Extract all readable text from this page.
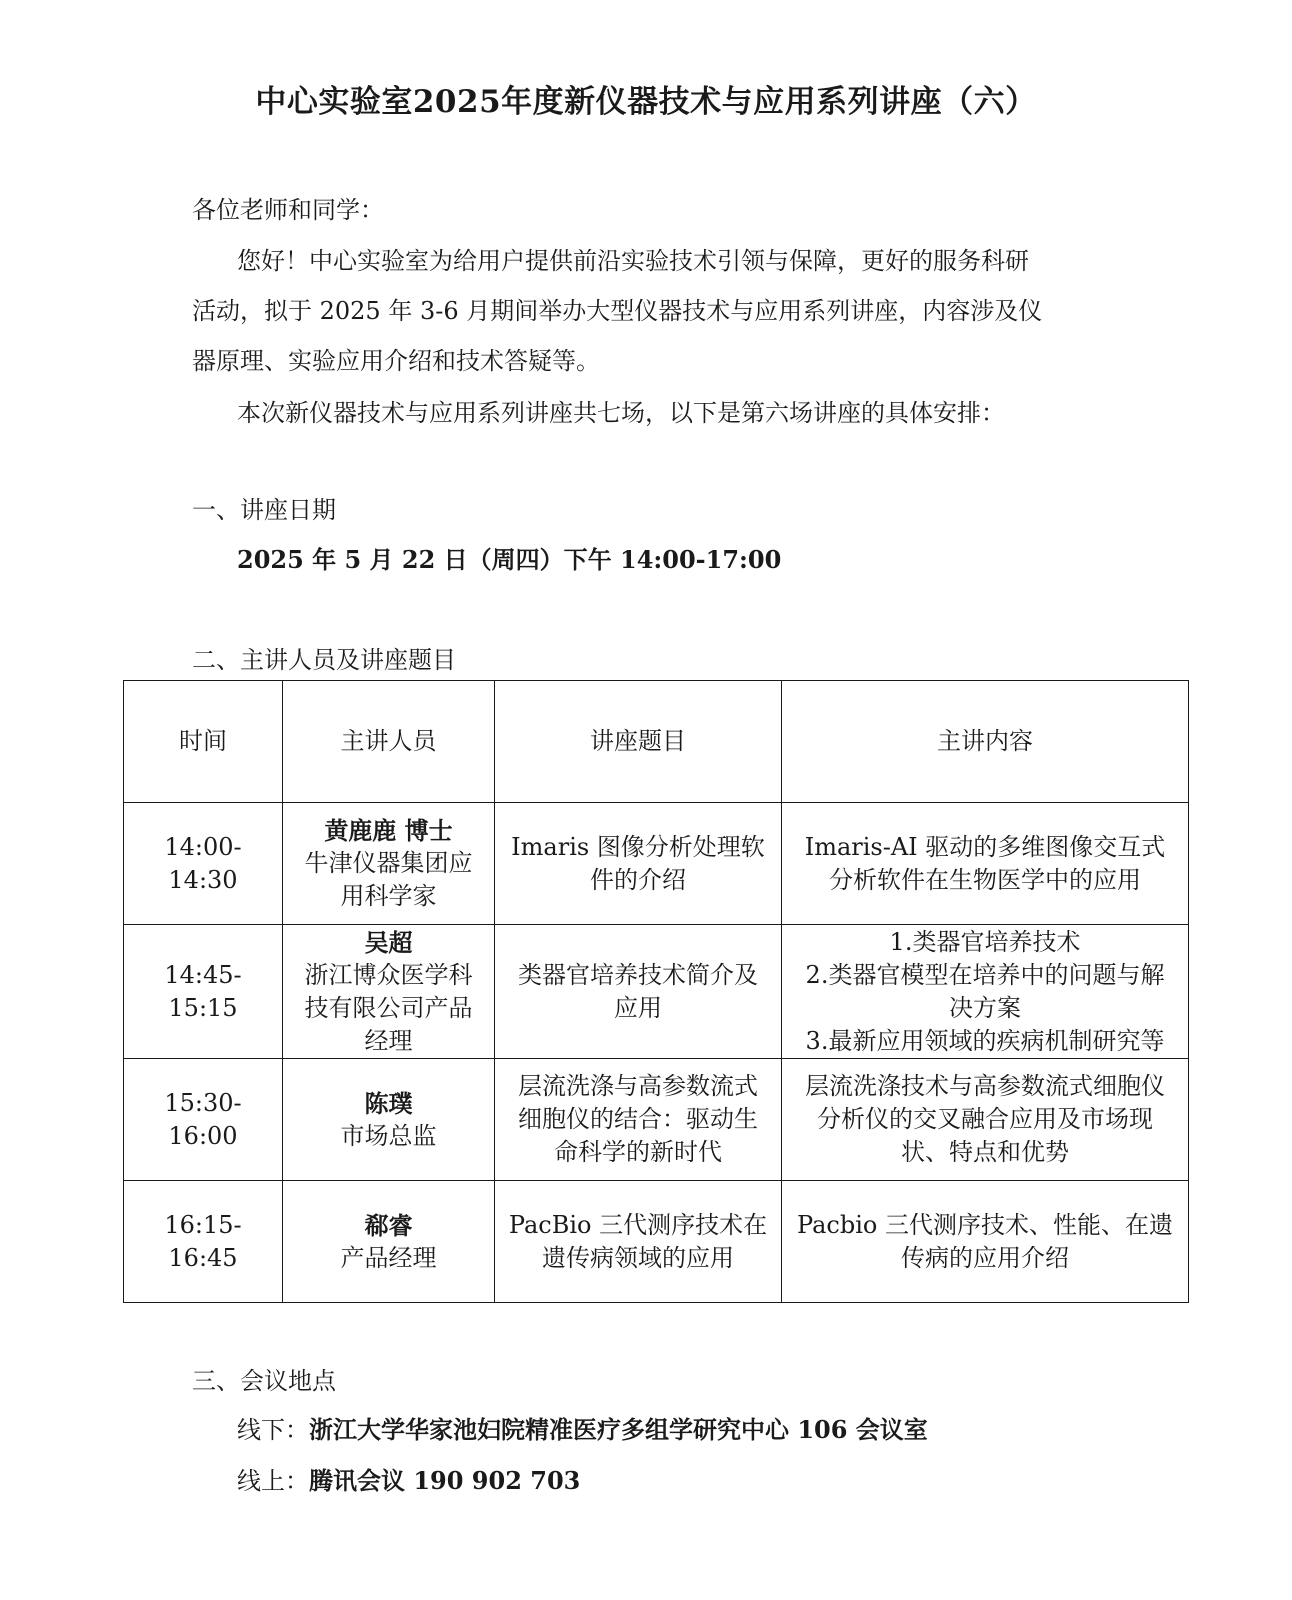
中心实验室2025年度新仪器技术与应用系列讲座（六）
各位老师和同学：
您好！中心实验室为给用户提供前沿实验技术引领与保障，更好的服务科研
活动，拟于 2025 年 3-6 月期间举办大型仪器技术与应用系列讲座，内容涉及仪
器原理、实验应用介绍和技术答疑等。
本次新仪器技术与应用系列讲座共七场，以下是第六场讲座的具体安排：
一、讲座日期
2025 年 5 月 22 日（周四）下午 14:00-17:00
二、主讲人员及讲座题目
时间	主讲人员	讲座题目	主讲内容
14:00-14:30	黄鹿鹿 博士
牛津仪器集团应
用科学家	Imaris 图像分析处理软
件的介绍	Imaris-AI 驱动的多维图像交互式
分析软件在生物医学中的应用

14:45-15:15	吴超
浙江博众医学科
技有限公司产品
经理	类器官培养技术简介及
应用	1.类器官培养技术
2.类器官模型在培养中的问题与解
决方案
3.最新应用领域的疾病机制研究等

15:30-16:00	陈璞
市场总监	层流洗涤与高参数流式
细胞仪的结合：驱动生
命科学的新时代	层流洗涤技术与高参数流式细胞仪
分析仪的交叉融合应用及市场现
状、特点和优势

16:15-16:45	郗睿
产品经理	PacBio 三代测序技术在
遗传病领域的应用	Pacbio 三代测序技术、性能、在遗
传病的应用介绍
三、会议地点
线下：浙江大学华家池妇院精准医疗多组学研究中心 106 会议室
线上：腾讯会议 190 902 703
